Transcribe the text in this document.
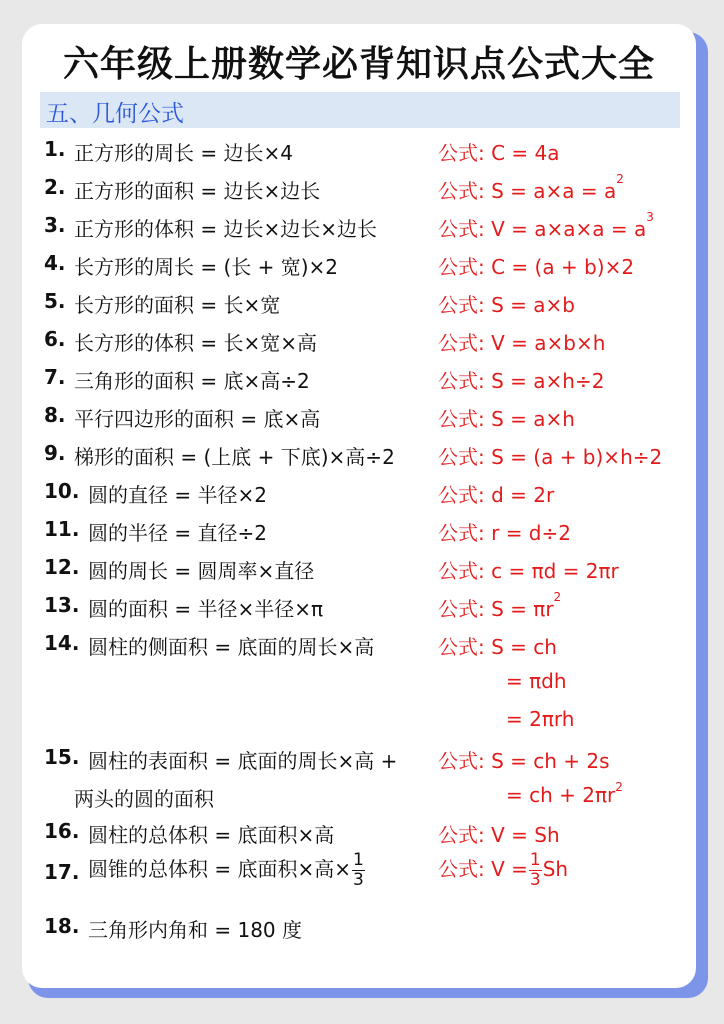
六年级上册数学必背知识点公式大全
五、几何公式
1. 正方形的周长 = 边长×4	公式: C = 4a
2. 正方形的面积 = 边长×边长	公式: $S = a\times a = a^2$
3. 正方形的体积 = 边长×边长×边长	公式: $V = a\times a\times a = a^3$
4. 长方形的周长 = (长 + 宽)×2	公式: C = (a + b)×2
5. 长方形的面积 = 长×宽	公式: S = a×b
6. 长方形的体积 = 长×宽×高	公式: V = a×b×h
7. 三角形的面积 = 底×高÷2	公式: S = a×h÷2
8. 平行四边形的面积 = 底×高	公式: S = a×h
9. 梯形的面积 = (上底 + 下底)×高÷2 公式: S = (a + b)×h÷2
10. 圆的直径 = 半径×2	公式: d = 2r
11. 圆的半径 = 直径÷2	公式: r = d÷2
12. 圆的周长 = 圆周率×直径	公式: c = πd = 2πr
13. 圆的面积 = 半径×半径×π	公式: $S = \pi r^2$
14. 圆柱的侧面积 = 底面的周长×高	公式: S = ch
= πdh
= 2πrh
15. 圆柱的表面积 = 底面的周长×高 + 公式: S = ch + 2s
两头的圆的面积	= ch + $2\pi r^2$
16. 圆柱的总体积 = 底面积×高	公式: V = Sh
17. 圆锥的总体积 = 底面积×高× $\frac{1}{3}$	公式: $V = \frac{1}{3}$ Sh
18. 三角形内角和 = 180 度
